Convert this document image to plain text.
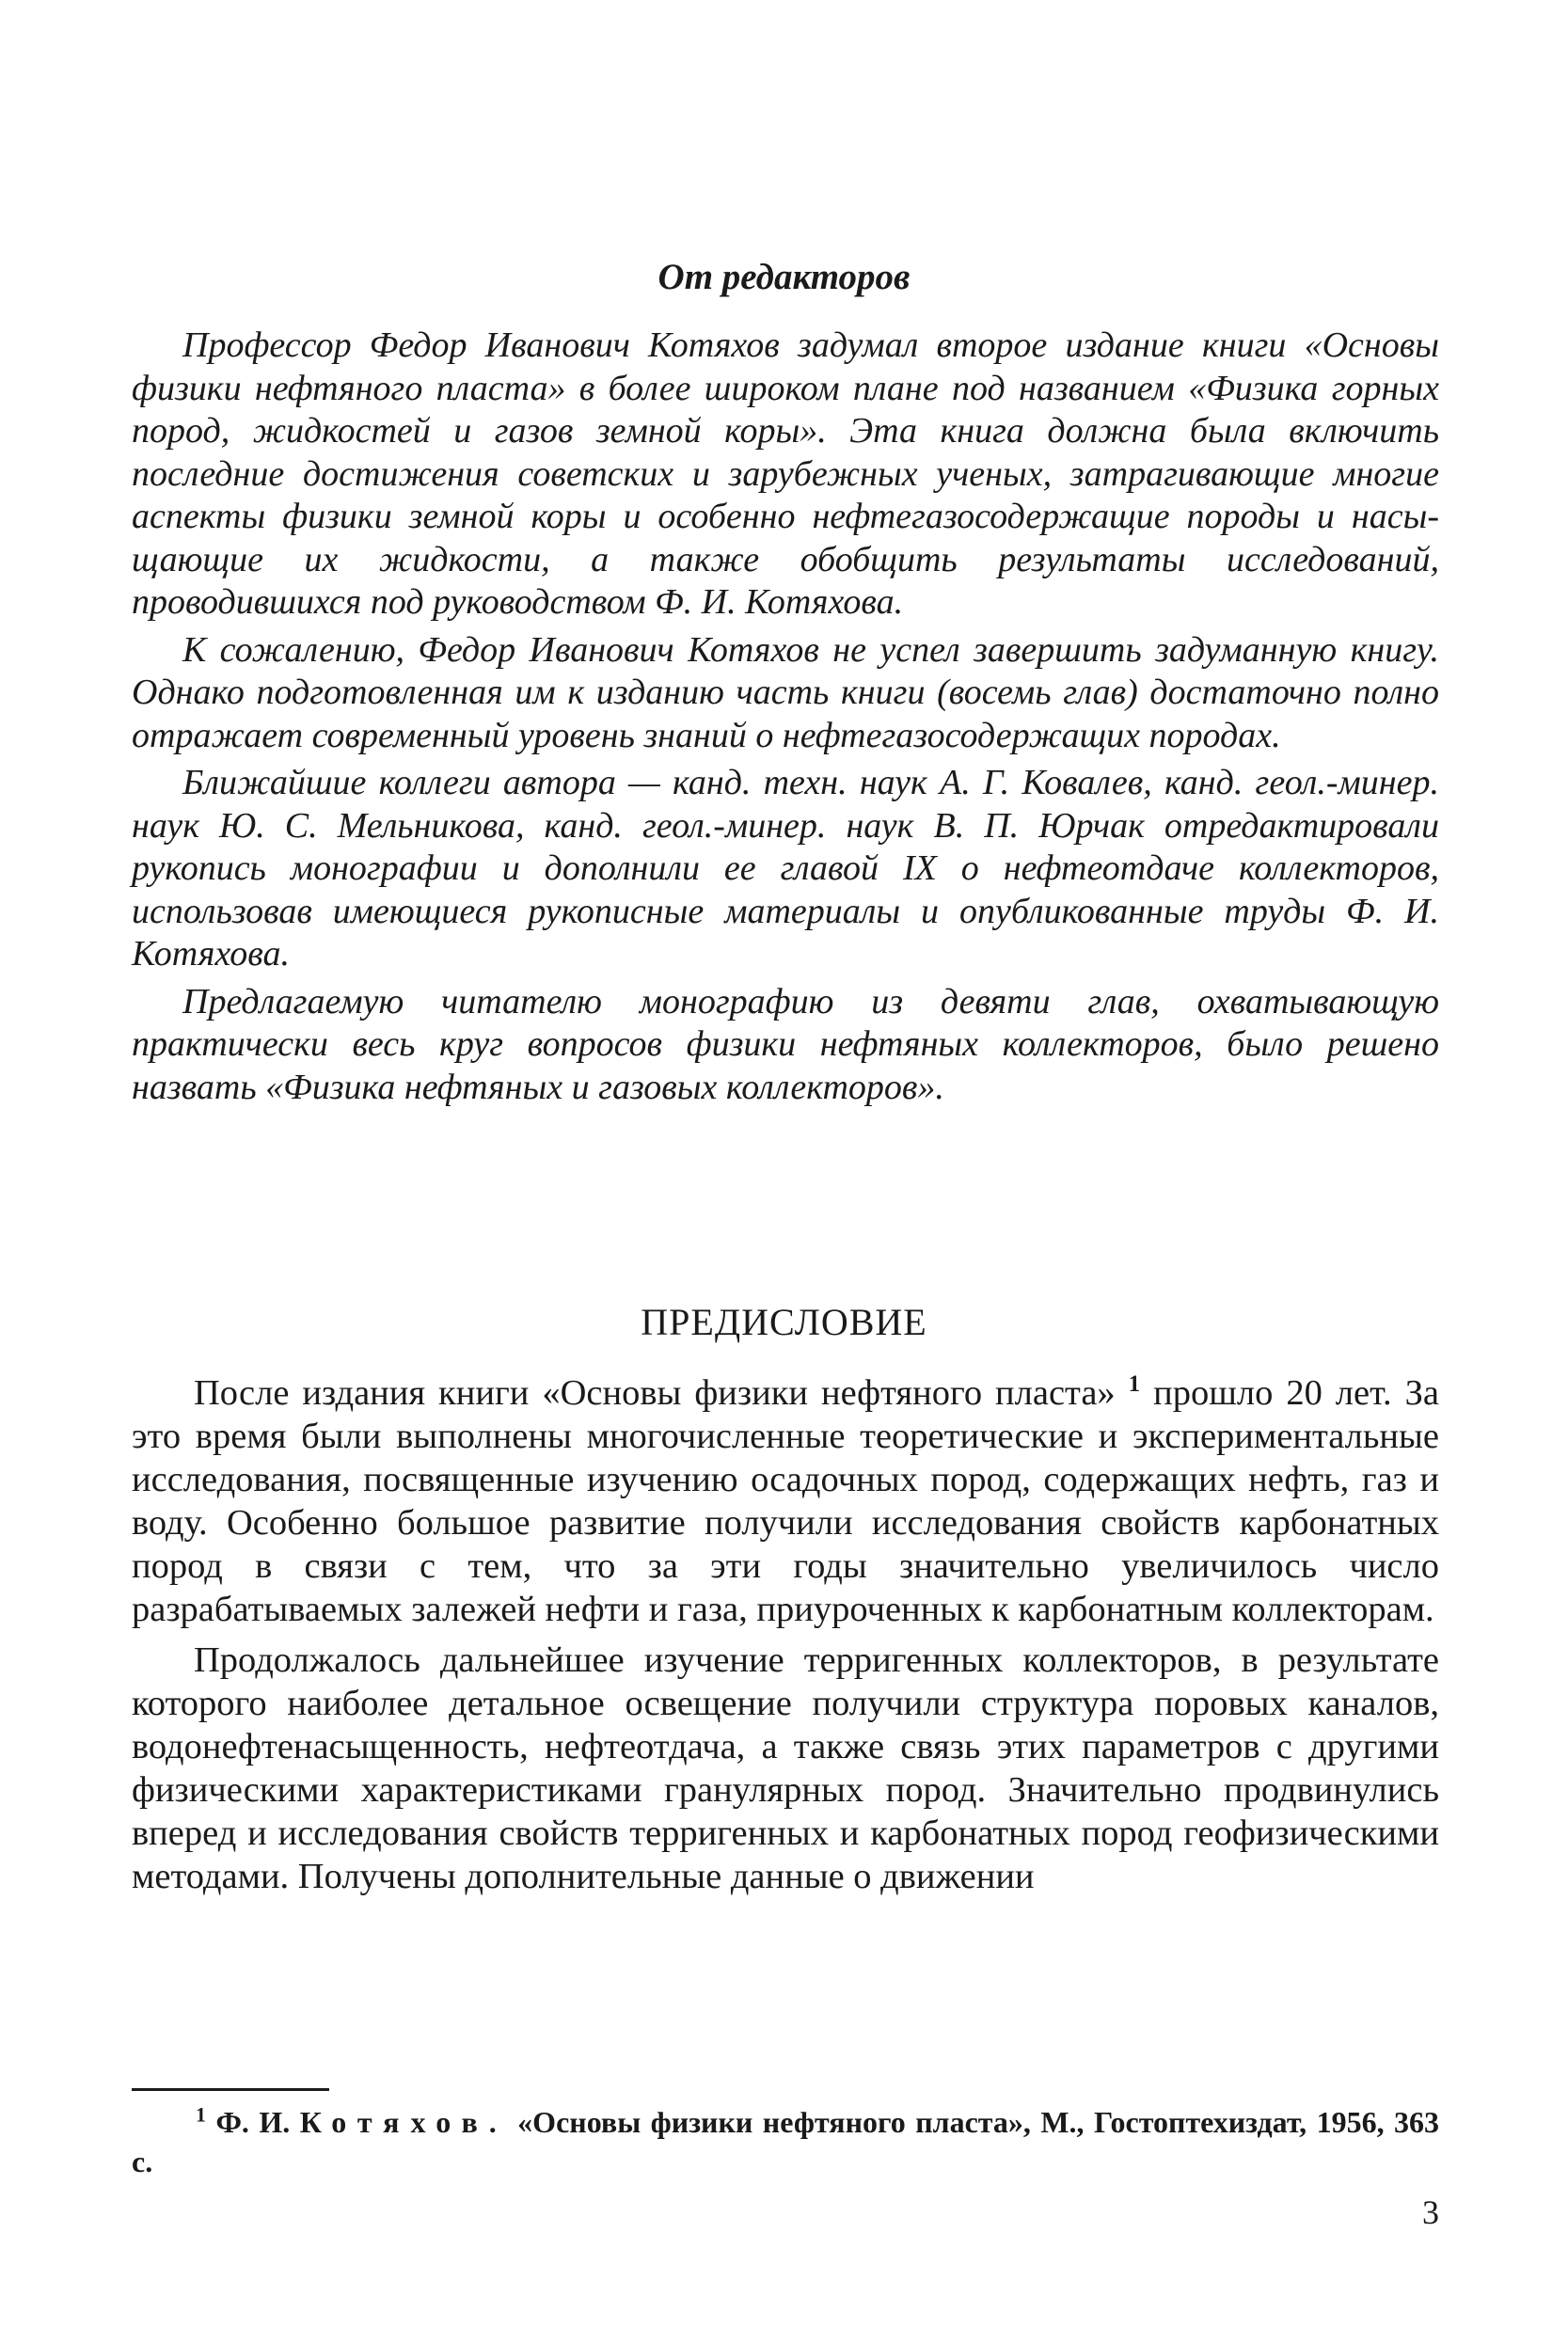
От редакторов

Профессор Федор Иванович Котяхов задумал второе издание книги «Основы физики нефтяного пласта» в более широком плане под названием «Физика горных пород, жидкостей и газов земной коры». Эта книга должна была включить последние достижения советских и зарубежных ученых, затрагивающие многие аспекты физики земной коры и особенно нефтегазосодержащие породы и насыщающие их жидкости, а также обобщить результаты исследований, проводившихся под руководством Ф. И. Котяхова.

К сожалению, Федор Иванович Котяхов не успел завершить задуманную книгу. Однако подготовленная им к изданию часть книги (восемь глав) достаточно полно отражает современный уровень знаний о нефтегазосодержащих породах.

Ближайшие коллеги автора — канд. техн. наук А. Г. Ковалев, канд. геол.-минер. наук Ю. С. Мельникова, канд. геол.-минер. наук В. П. Юрчак отредактировали рукопись монографии и дополнили ее главой IX о нефтеотдаче коллекторов, использовав имеющиеся рукописные материалы и опубликованные труды Ф. И. Котяхова.

Предлагаемую читателю монографию из девяти глав, охватывающую практически весь круг вопросов физики нефтяных коллекторов, было решено назвать «Физика нефтяных и газовых коллекторов».

ПРЕДИСЛОВИЕ

После издания книги «Основы физики нефтяного пласта» $^1$ прошло 20 лет. За это время были выполнены многочисленные теоретические и экспериментальные исследования, посвященные изучению осадочных пород, содержащих нефть, газ и воду. Особенно большое развитие получили исследования свойств карбонатных пород в связи с тем, что за эти годы значительно увеличилось число разрабатываемых залежей нефти и газа, приуроченных к карбонатным коллекторам.

Продолжалось дальнейшее изучение терригенных коллекторов, в результате которого наиболее детальное освещение получили структура поровых каналов, водонефтенасыщенность, нефтеотдача, а также связь этих параметров с другими физическими характеристиками гранулярных пород. Значительно продвинулись вперед и исследования свойств терригенных и карбонатных пород геофизическими методами. Получены дополнительные данные о движении

$^1$ Ф. И. Котяхов. «Основы физики нефтяного пласта», М., Гостоптехиздат, 1956, 363 с.
3
